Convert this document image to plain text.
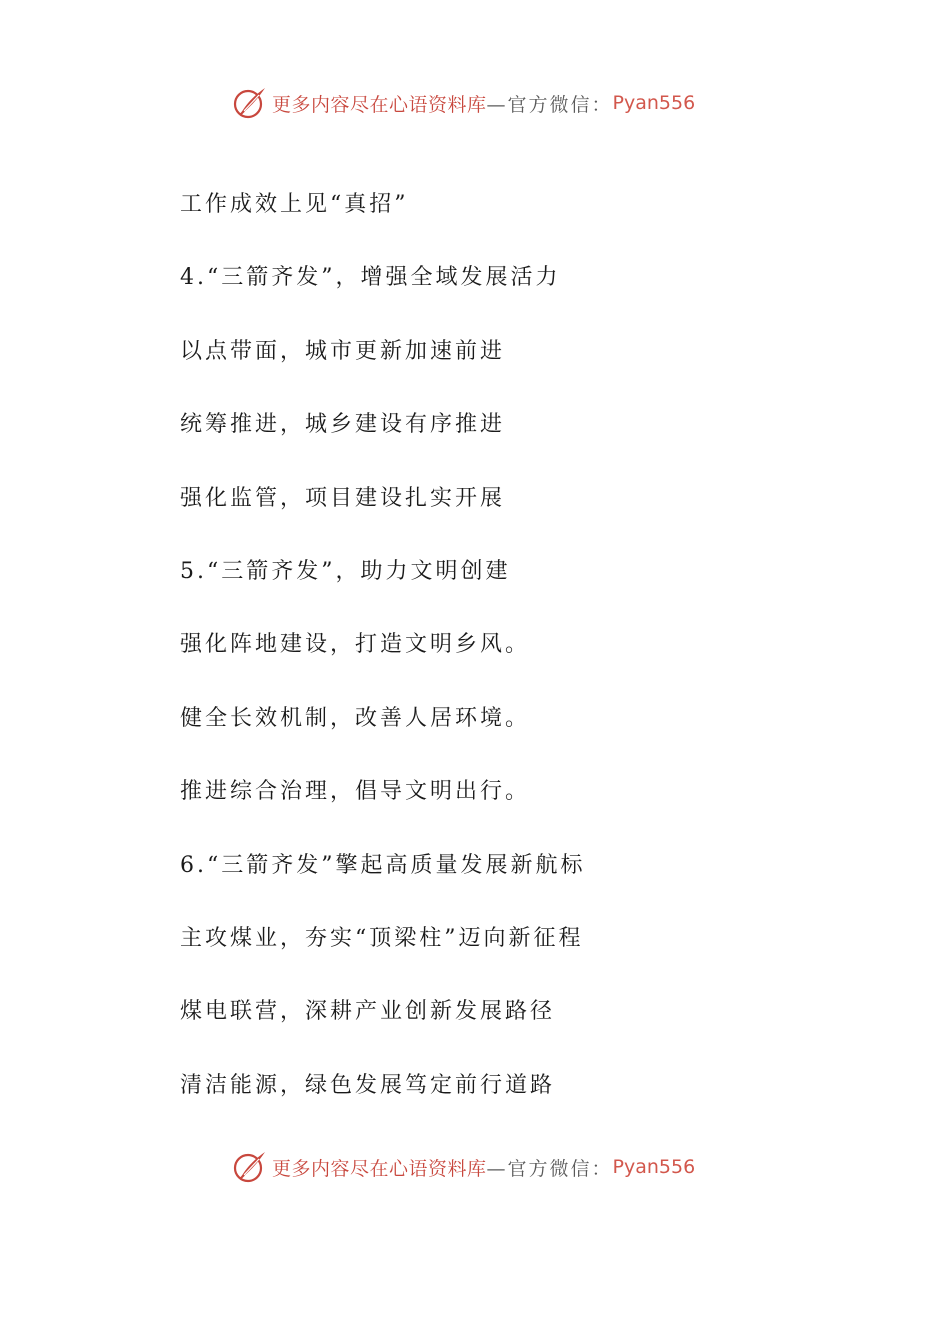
更多内容尽在心语资料库 —官方微信： Pyan556
工作成效上见“真招”
4.“三箭齐发”，增强全域发展活力
以点带面，城市更新加速前进
统筹推进，城乡建设有序推进
强化监管，项目建设扎实开展
5.“三箭齐发”，助力文明创建
强化阵地建设，打造文明乡风。
健全长效机制，改善人居环境。
推进综合治理，倡导文明出行。
6.“三箭齐发”擎起高质量发展新航标
主攻煤业，夯实“顶梁柱”迈向新征程
煤电联营，深耕产业创新发展路径
清洁能源，绿色发展笃定前行道路
更多内容尽在心语资料库 —官方微信： Pyan556
